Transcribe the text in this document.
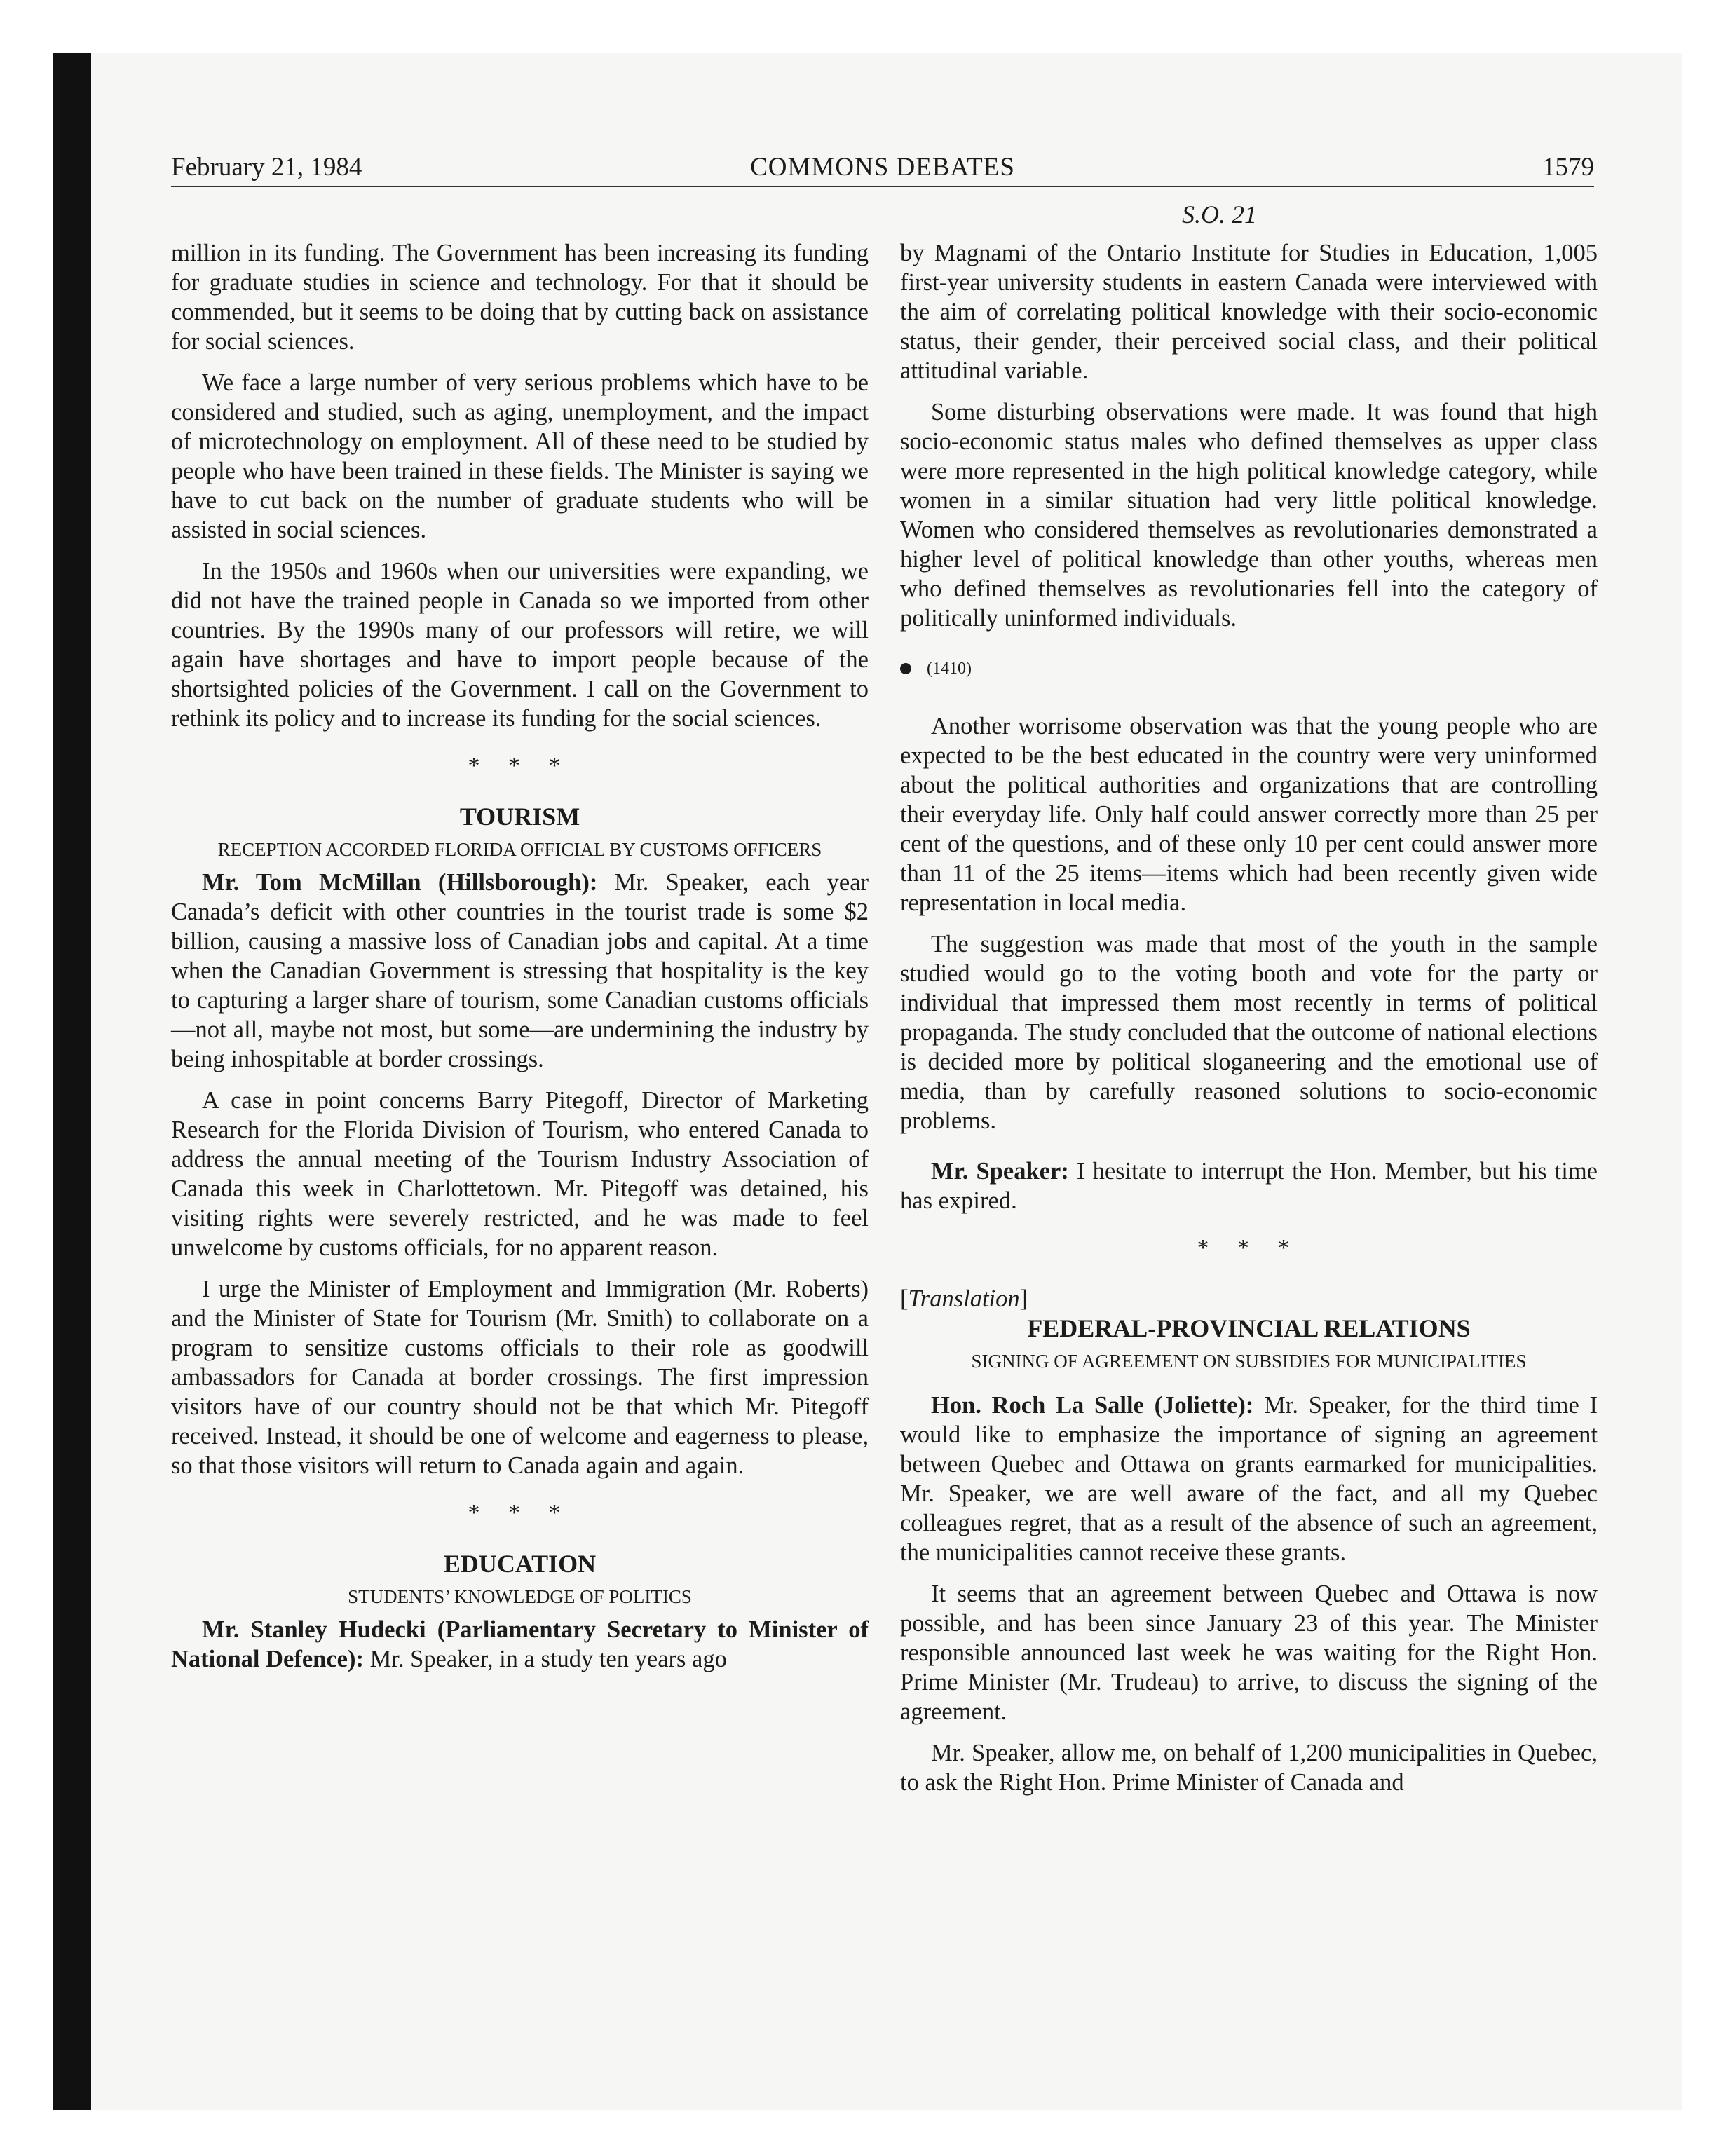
February 21, 1984	COMMONS DEBATES	1579
S.O. 21

million in its funding. The Government has been increasing its funding for graduate studies in science and technology. For that it should be commended, but it seems to be doing that by cutting back on assistance for social sciences.

We face a large number of very serious problems which have to be considered and studied, such as aging, unemployment, and the impact of microtechnology on employment. All of these need to be studied by people who have been trained in these fields. The Minister is saying we have to cut back on the number of graduate students who will be assisted in social sciences.

In the 1950s and 1960s when our universities were expanding, we did not have the trained people in Canada so we imported from other countries. By the 1990s many of our professors will retire, we will again have shortages and have to import people because of the shortsighted policies of the Government. I call on the Government to rethink its policy and to increase its funding for the social sciences.

* * *
TOURISM
RECEPTION ACCORDED FLORIDA OFFICIAL BY CUSTOMS OFFICERS

Mr. Tom McMillan (Hillsborough): Mr. Speaker, each year Canada’s deficit with other countries in the tourist trade is some $2 billion, causing a massive loss of Canadian jobs and capital. At a time when the Canadian Government is stressing that hospitality is the key to capturing a larger share of tourism, some Canadian customs officials—not all, maybe not most, but some—are undermining the industry by being inhospitable at border crossings.

A case in point concerns Barry Pitegoff, Director of Marketing Research for the Florida Division of Tourism, who entered Canada to address the annual meeting of the Tourism Industry Association of Canada this week in Charlottetown. Mr. Pitegoff was detained, his visiting rights were severely restricted, and he was made to feel unwelcome by customs officials, for no apparent reason.

I urge the Minister of Employment and Immigration (Mr. Roberts) and the Minister of State for Tourism (Mr. Smith) to collaborate on a program to sensitize customs officials to their role as goodwill ambassadors for Canada at border crossings. The first impression visitors have of our country should not be that which Mr. Pitegoff received. Instead, it should be one of welcome and eagerness to please, so that those visitors will return to Canada again and again.

* * *
EDUCATION
STUDENTS’ KNOWLEDGE OF POLITICS

Mr. Stanley Hudecki (Parliamentary Secretary to Minister of National Defence): Mr. Speaker, in a study ten years ago

by Magnami of the Ontario Institute for Studies in Education, 1,005 first-year university students in eastern Canada were interviewed with the aim of correlating political knowledge with their socio-economic status, their gender, their perceived social class, and their political attitudinal variable.

Some disturbing observations were made. It was found that high socio-economic status males who defined themselves as upper class were more represented in the high political knowledge category, while women in a similar situation had very little political knowledge. Women who considered themselves as revolutionaries demonstrated a higher level of political knowledge than other youths, whereas men who defined themselves as revolutionaries fell into the category of politically uninformed individuals.

(1410)

Another worrisome observation was that the young people who are expected to be the best educated in the country were very uninformed about the political authorities and organizations that are controlling their everyday life. Only half could answer correctly more than 25 per cent of the questions, and of these only 10 per cent could answer more than 11 of the 25 items—items which had been recently given wide representation in local media.

The suggestion was made that most of the youth in the sample studied would go to the voting booth and vote for the party or individual that impressed them most recently in terms of political propaganda. The study concluded that the outcome of national elections is decided more by political sloganeering and the emotional use of media, than by carefully reasoned solutions to socio-economic problems.

Mr. Speaker: I hesitate to interrupt the Hon. Member, but his time has expired.

* * *
[Translation]
FEDERAL-PROVINCIAL RELATIONS
SIGNING OF AGREEMENT ON SUBSIDIES FOR MUNICIPALITIES

Hon. Roch La Salle (Joliette): Mr. Speaker, for the third time I would like to emphasize the importance of signing an agreement between Quebec and Ottawa on grants earmarked for municipalities. Mr. Speaker, we are well aware of the fact, and all my Quebec colleagues regret, that as a result of the absence of such an agreement, the municipalities cannot receive these grants.

It seems that an agreement between Quebec and Ottawa is now possible, and has been since January 23 of this year. The Minister responsible announced last week he was waiting for the Right Hon. Prime Minister (Mr. Trudeau) to arrive, to discuss the signing of the agreement.

Mr. Speaker, allow me, on behalf of 1,200 municipalities in Quebec, to ask the Right Hon. Prime Minister of Canada and
